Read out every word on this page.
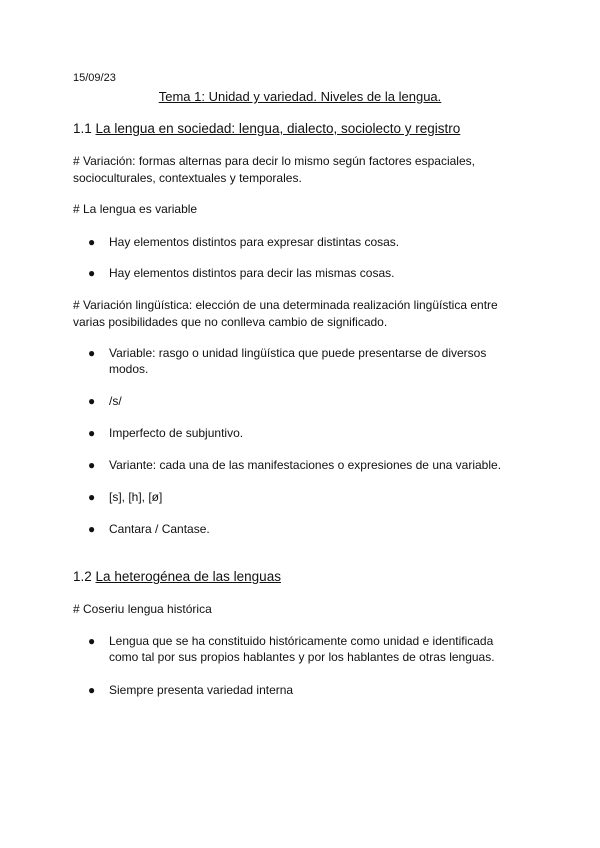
15/09/23
Tema 1: Unidad y variedad. Niveles de la lengua.
1.1 La lengua en sociedad: lengua, dialecto, sociolecto y registro
# Variación: formas alternas para decir lo mismo según factores espaciales, socioculturales, contextuales y temporales.
# La lengua es variable
●	Hay elementos distintos para expresar distintas cosas.
●	Hay elementos distintos para decir las mismas cosas.
# Variación lingüística: elección de una determinada realización lingüística entre varias posibilidades que no conlleva cambio de significado.
●	Variable: rasgo o unidad lingüística que puede presentarse de diversos modos.
●	/s/
●	Imperfecto de subjuntivo.
●	Variante: cada una de las manifestaciones o expresiones de una variable.
●	[s], [h], [ø]
●	Cantara / Cantase.
1.2 La heterogénea de las lenguas
# Coseriu lengua histórica
●	Lengua que se ha constituido históricamente como unidad e identificada como tal por sus propios hablantes y por los hablantes de otras lenguas.
●	Siempre presenta variedad interna
